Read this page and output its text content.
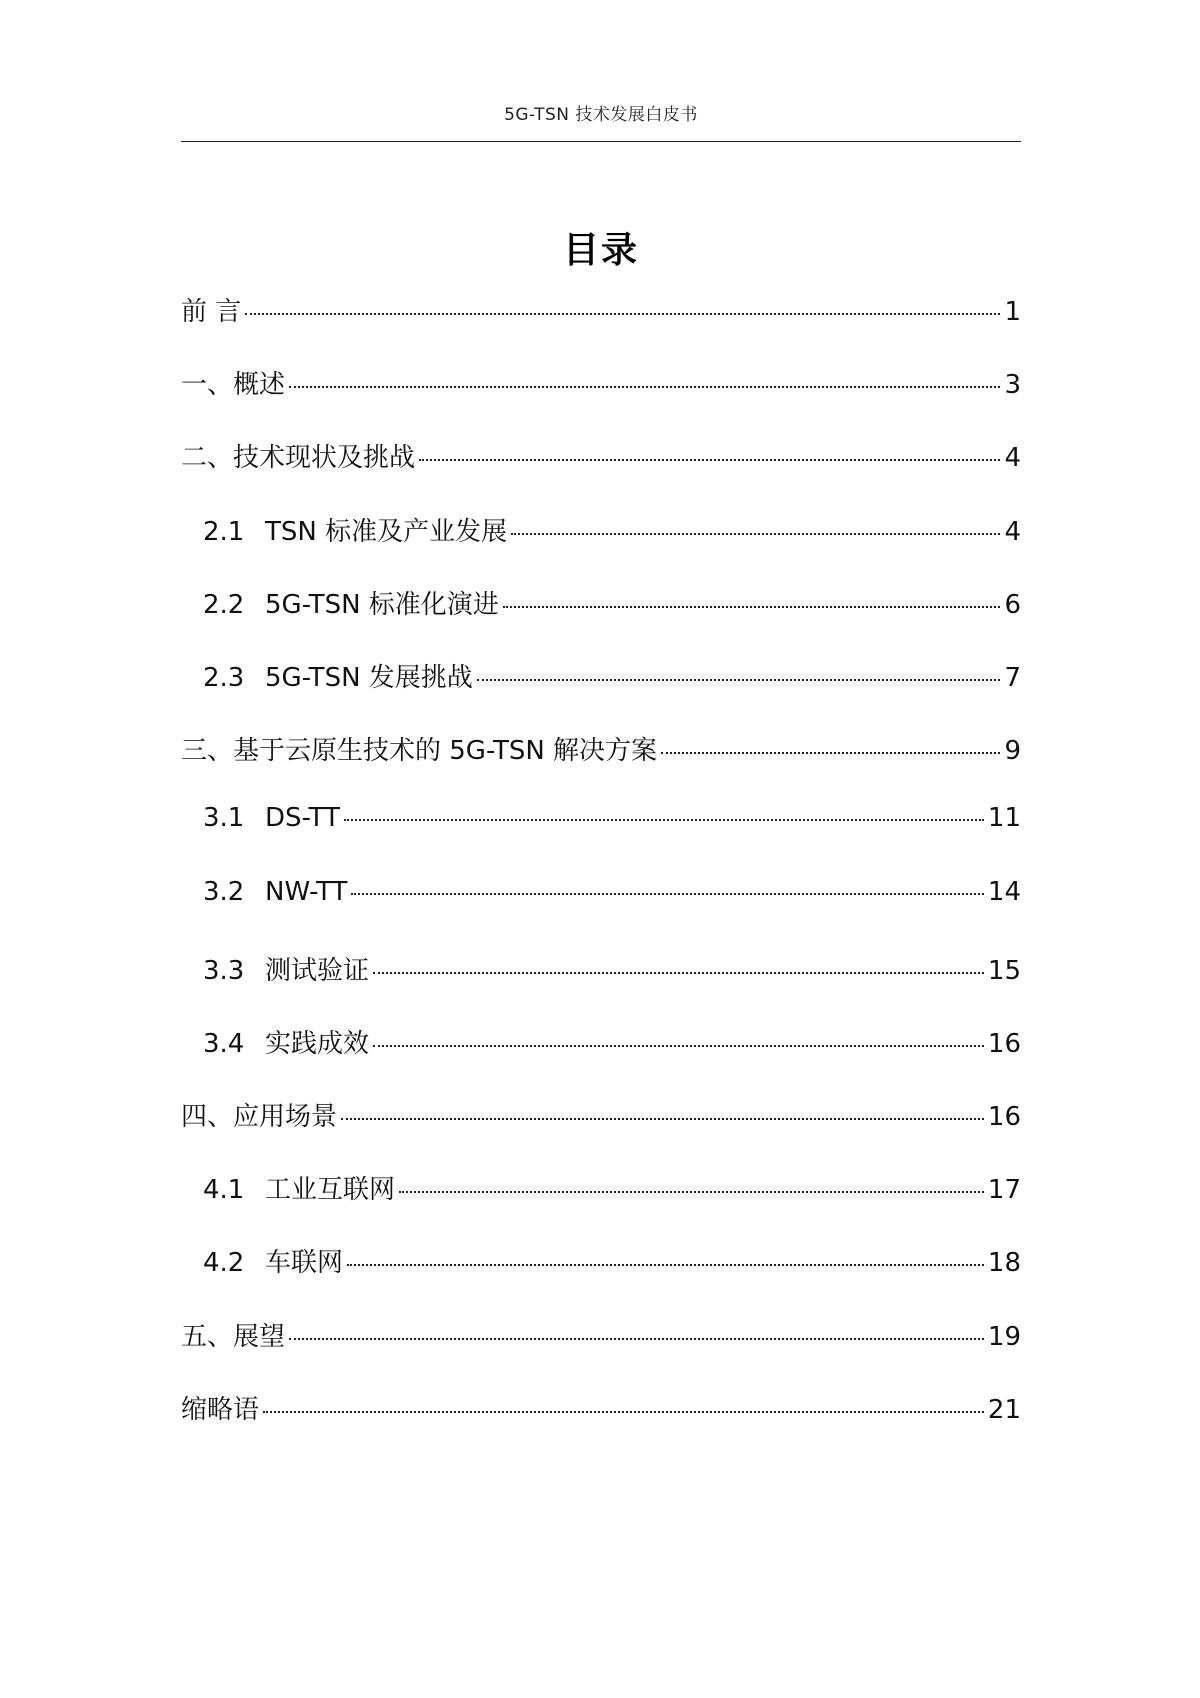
5G-TSN 技术发展白皮书
目录
前 言	1
一、概述	3
二、技术现状及挑战	4
2.1 TSN 标准及产业发展	4
2.2 5G-TSN 标准化演进	6
2.3 5G-TSN 发展挑战	7
三、基于云原生技术的 5G-TSN 解决方案	9
3.1 DS-TT	11
3.2 NW-TT	14
3.3 测试验证	15
3.4 实践成效	16
四、应用场景	16
4.1 工业互联网	17
4.2 车联网	18
五、展望	19
缩略语	21
